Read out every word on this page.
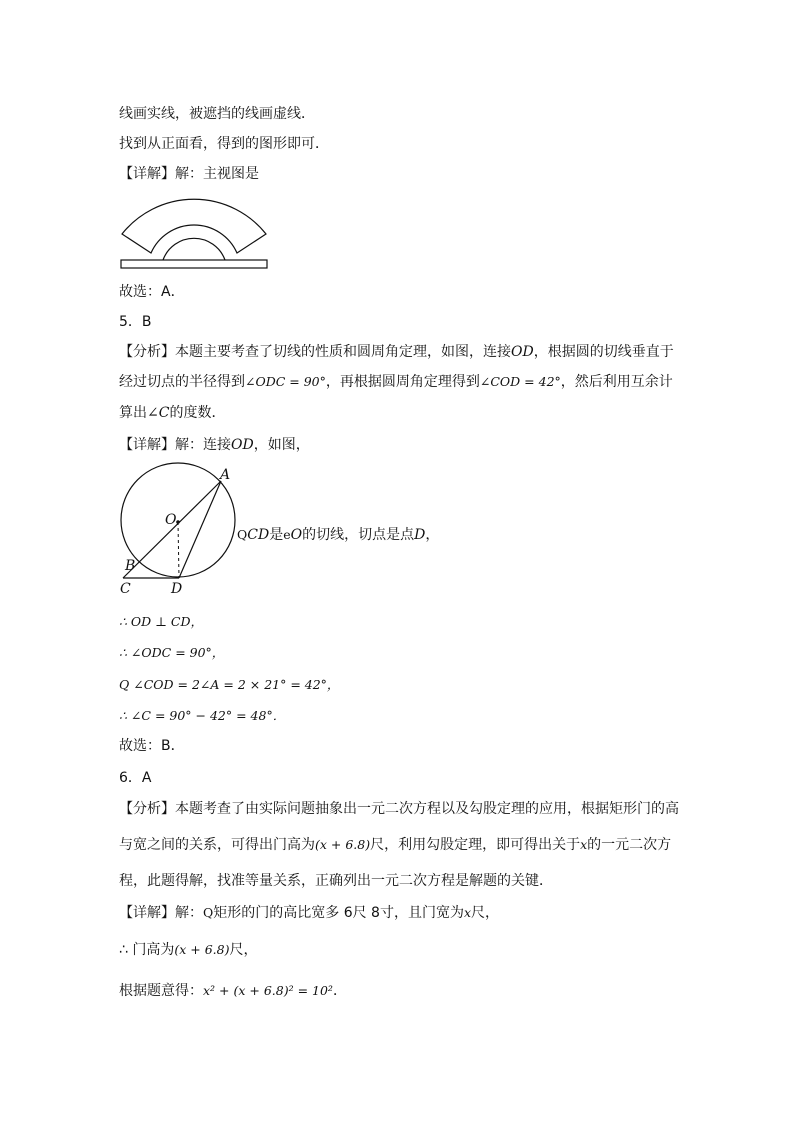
线画实线，被遮挡的线画虚线．
找到从正面看，得到的图形即可．
【详解】解：主视图是
故选：A．
5．B
【分析】本题主要考查了切线的性质和圆周角定理，如图，连接OD，根据圆的切线垂直于
经过切点的半径得到∠ODC = 90°，再根据圆周角定理得到∠COD = 42°，然后利用互余计
算出∠C的度数．
【详解】解：连接OD，如图，
A
O
B
C	D
QCD是eO的切线，切点是点D，
∴ OD ⊥ CD，
∴ ∠ODC = 90°，
Q ∠COD = 2∠A = 2 × 21° = 42°，
∴ ∠C = 90° − 42° = 48°．
故选：B．
6．A
【分析】本题考查了由实际问题抽象出一元二次方程以及勾股定理的应用，根据矩形门的高
与宽之间的关系，可得出门高为(x + 6.8)尺，利用勾股定理，即可得出关于x的一元二次方
程，此题得解，找准等量关系，正确列出一元二次方程是解题的关键．
【详解】解：Q矩形的门的高比宽多 6尺 8寸，且门宽为x尺，
∴ 门高为(x + 6.8)尺，
根据题意得：x² + (x + 6.8)² = 10²．
